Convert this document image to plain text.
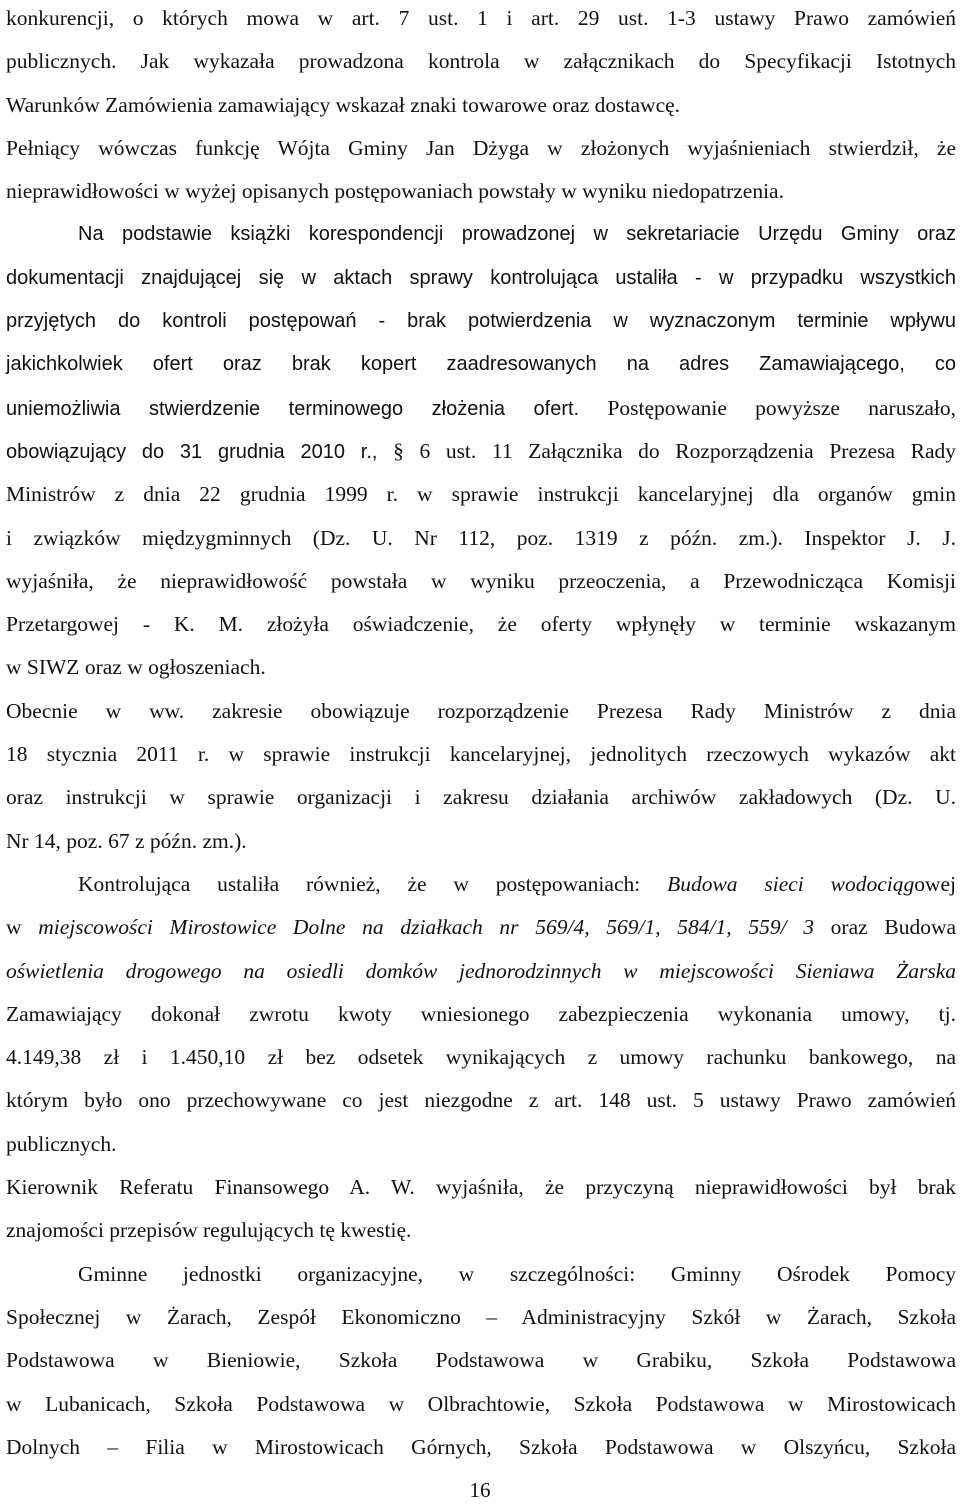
konkurencji, o których mowa w art. 7 ust. 1 i art. 29 ust. 1-3 ustawy Prawo zamówień
publicznych. Jak wykazała prowadzona kontrola w załącznikach do Specyfikacji Istotnych
Warunków Zamówienia zamawiający wskazał znaki towarowe oraz dostawcę.
Pełniący wówczas funkcję Wójta Gminy Jan Dżyga w złożonych wyjaśnieniach stwierdził, że
nieprawidłowości w wyżej opisanych postępowaniach powstały w wyniku niedopatrzenia.
Na podstawie książki korespondencji prowadzonej w sekretariacie Urzędu Gminy oraz
dokumentacji znajdującej się w aktach sprawy kontrolująca ustaliła - w przypadku wszystkich
przyjętych do kontroli postępowań - brak potwierdzenia w wyznaczonym terminie wpływu
jakichkolwiek ofert oraz brak kopert zaadresowanych na adres Zamawiającego, co
uniemożliwia stwierdzenie terminowego złożenia ofert. Postępowanie powyższe naruszało,
obowiązujący do 31 grudnia 2010 r., § 6 ust. 11 Załącznika do Rozporządzenia Prezesa Rady
Ministrów z dnia 22 grudnia 1999 r. w sprawie instrukcji kancelaryjnej dla organów gmin
i związków międzygminnych (Dz. U. Nr 112, poz. 1319 z późn. zm.). Inspektor J. J.
wyjaśniła, że nieprawidłowość powstała w wyniku przeoczenia, a Przewodnicząca Komisji
Przetargowej - K. M. złożyła oświadczenie, że oferty wpłynęły w terminie wskazanym
w SIWZ oraz w ogłoszeniach.
Obecnie w ww. zakresie obowiązuje rozporządzenie Prezesa Rady Ministrów z dnia
18 stycznia 2011 r. w sprawie instrukcji kancelaryjnej, jednolitych rzeczowych wykazów akt
oraz instrukcji w sprawie organizacji i zakresu działania archiwów zakładowych (Dz. U.
Nr 14, poz. 67 z późn. zm.).
Kontrolująca ustaliła również, że w postępowaniach: Budowa sieci wodociągowej
w miejscowości Mirostowice Dolne na działkach nr 569/4, 569/1, 584/1, 559/ 3 oraz Budowa
oświetlenia drogowego na osiedli domków jednorodzinnych w miejscowości Sieniawa Żarska
Zamawiający dokonał zwrotu kwoty wniesionego zabezpieczenia wykonania umowy, tj.
4.149,38 zł i 1.450,10 zł bez odsetek wynikających z umowy rachunku bankowego, na
którym było ono przechowywane co jest niezgodne z art. 148 ust. 5 ustawy Prawo zamówień
publicznych.
Kierownik Referatu Finansowego A. W. wyjaśniła, że przyczyną nieprawidłowości był brak
znajomości przepisów regulujących tę kwestię.
Gminne jednostki organizacyjne, w szczególności: Gminny Ośrodek Pomocy
Społecznej w Żarach, Zespół Ekonomiczno – Administracyjny Szkół w Żarach, Szkoła
Podstawowa w Bieniowie, Szkoła Podstawowa w Grabiku, Szkoła Podstawowa
w Lubanicach, Szkoła Podstawowa w Olbrachtowie, Szkoła Podstawowa w Mirostowicach
Dolnych – Filia w Mirostowicach Górnych, Szkoła Podstawowa w Olszyńcu, Szkoła
16
